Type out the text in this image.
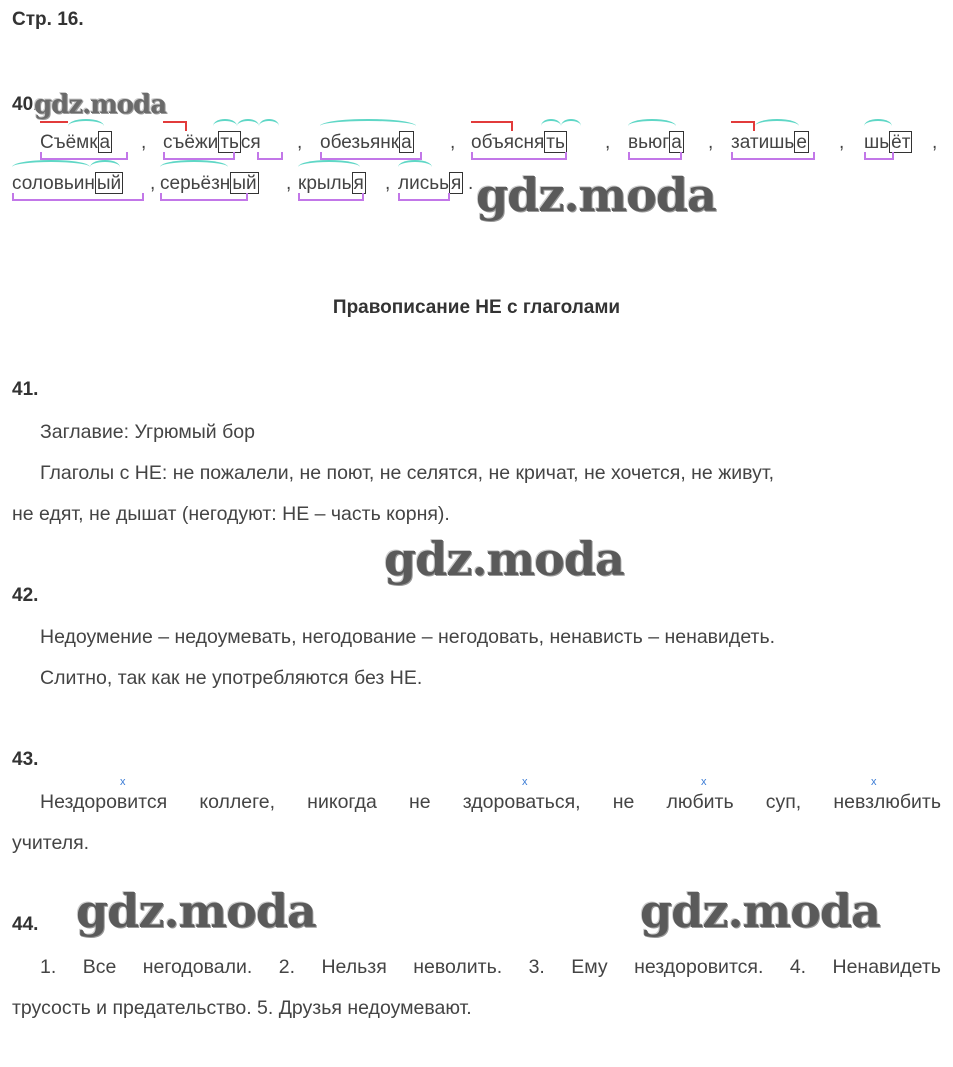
Стр. 16.
40.
gdz.moda
Съёмк а , съёжи ть ся , обезьянк а , объясня ть , вьюг а , затишь е , шь ёт ,
соловьин ый , серьёзн ый , крыль я , лисьь я . gdz.moda
Правописание НЕ с глаголами
41.
Заглавие: Угрюмый бор
Глаголы с НЕ: не пожалели, не поют, не селятся, не кричат, не хочется, не живут,
не едят, не дышат (негодуют: НЕ – часть корня).
gdz.moda
42.
Недоумение – недоумевать, негодование – негодовать, ненависть – ненавидеть.
Слитно, так как не употребляются без НЕ.
43.
x	x	x	x
Нездоровится коллеге, никогда не здороваться, не любить суп, невзлюбить
учителя.
44. gdz.moda	gdz.moda
1. Все негодовали. 2. Нельзя неволить. 3. Ему нездоровится. 4. Ненавидеть
трусость и предательство. 5. Друзья недоумевают.
